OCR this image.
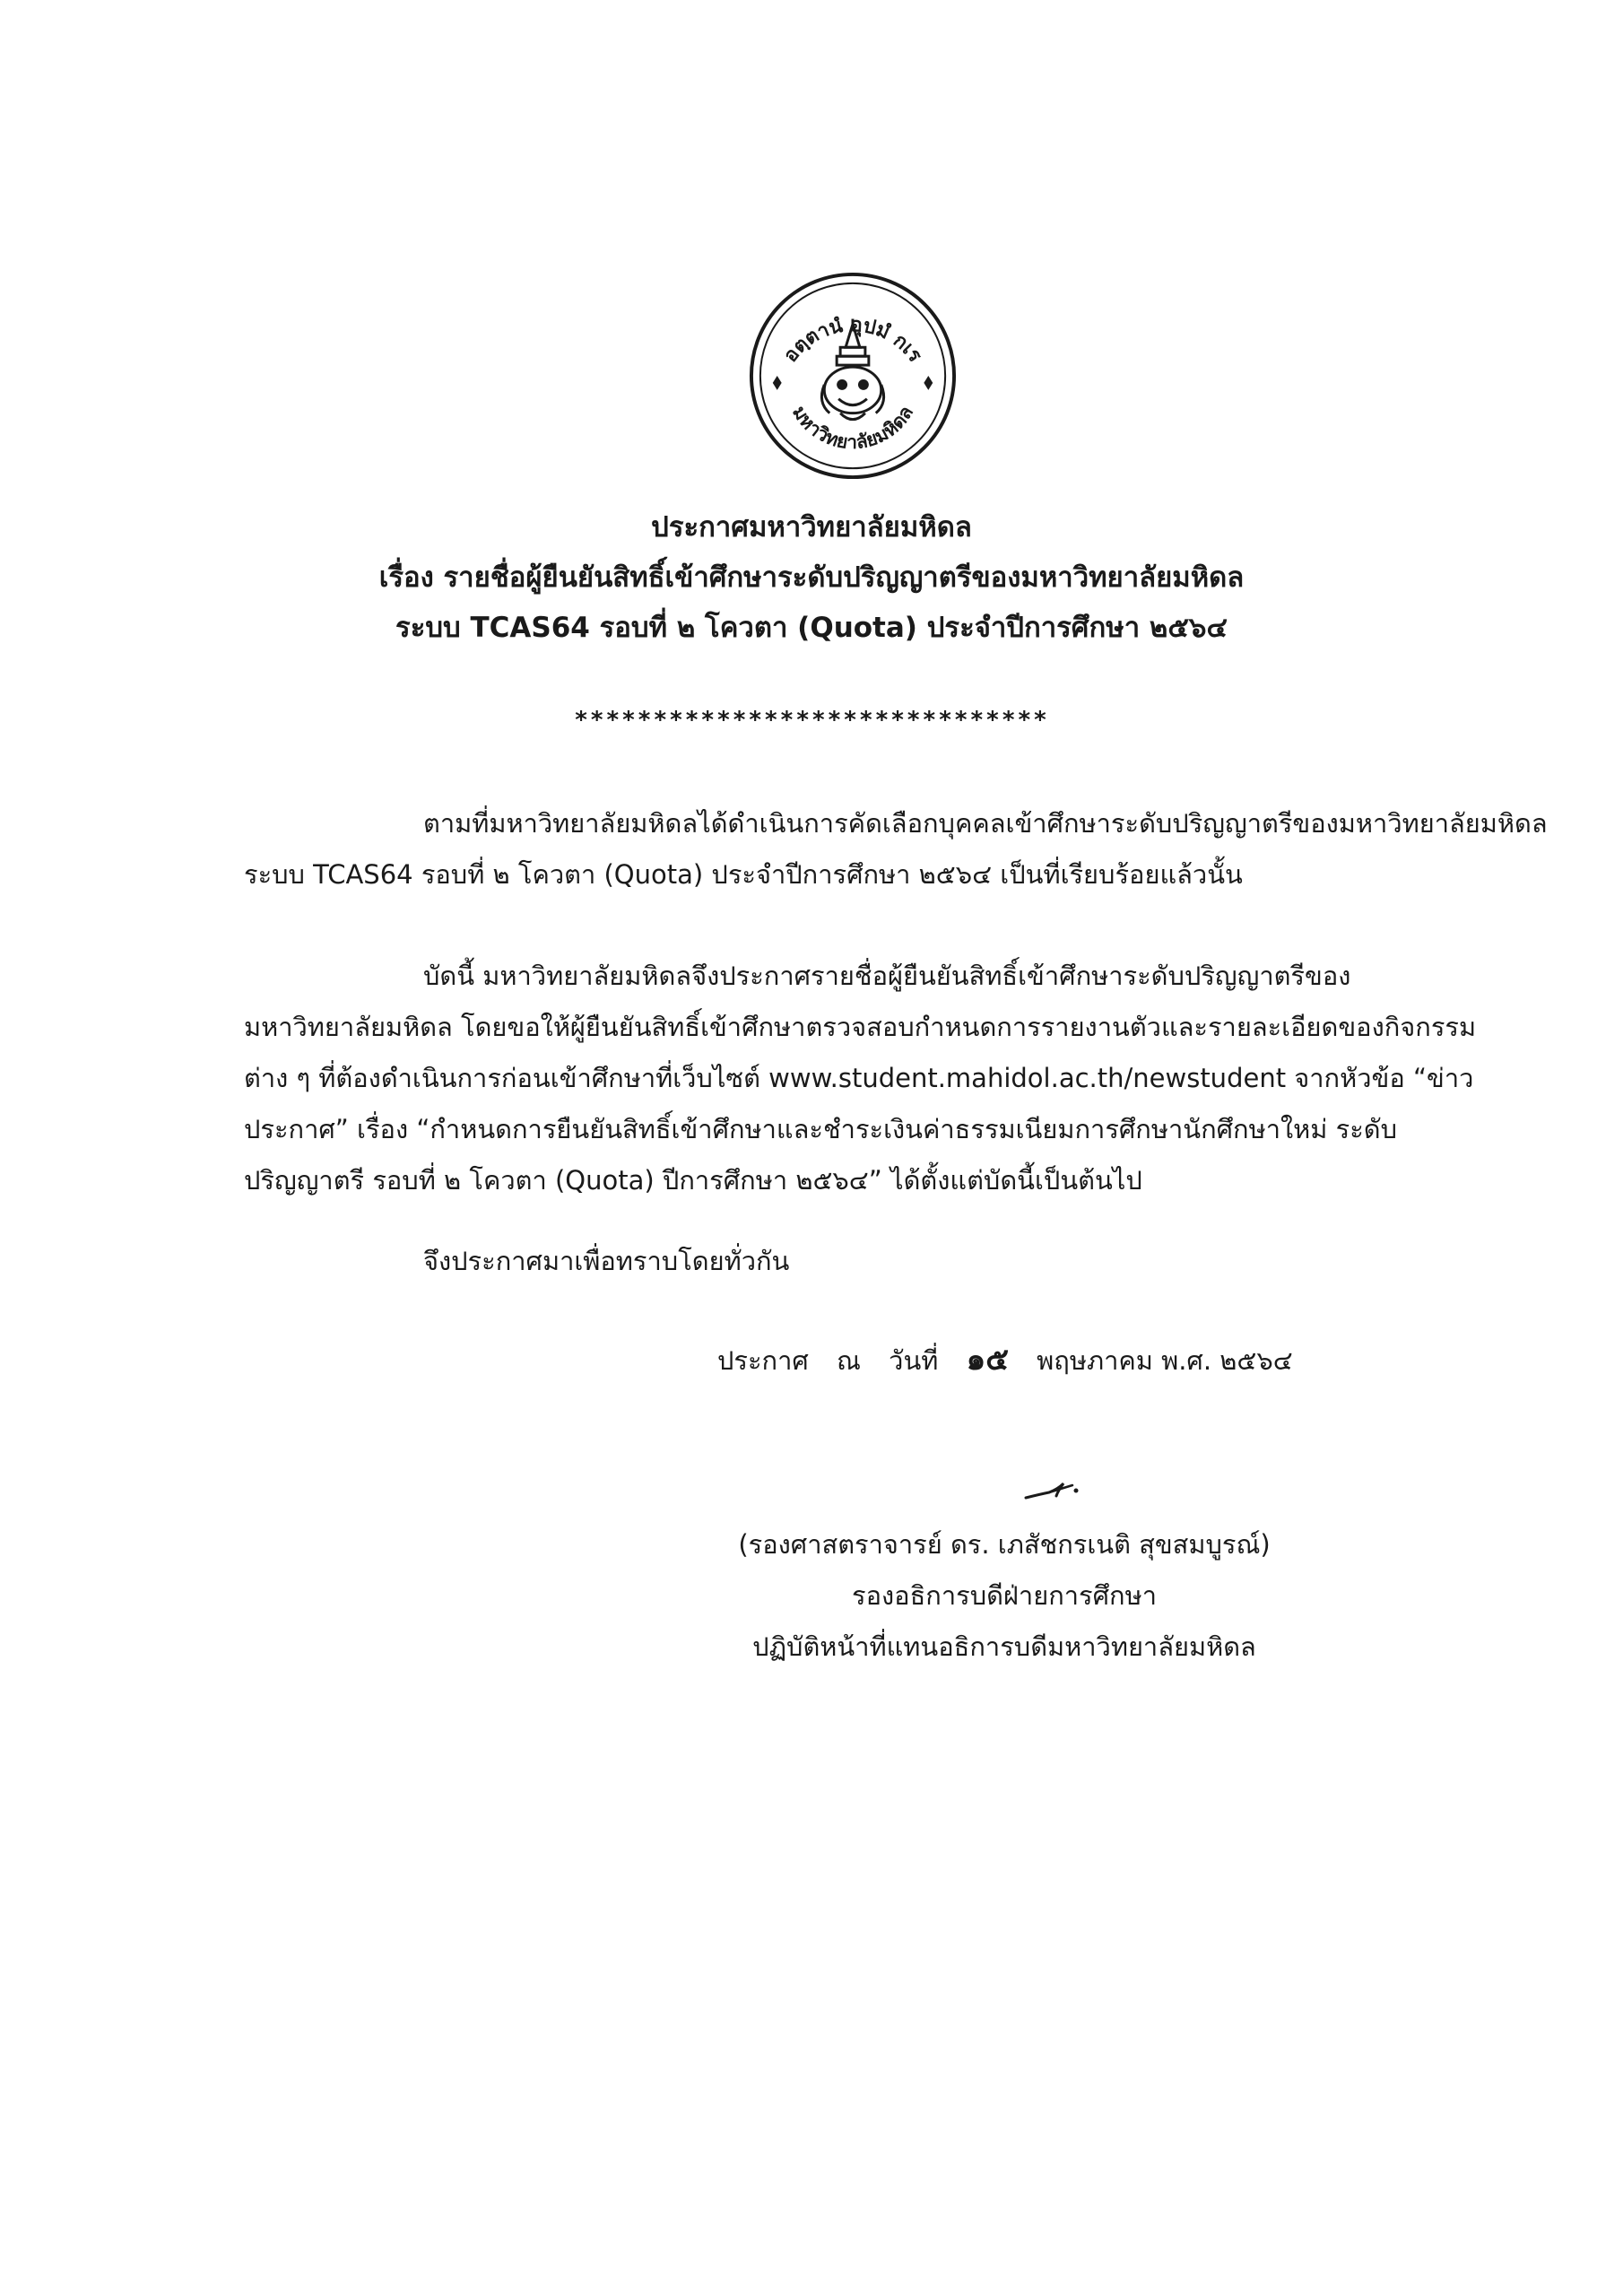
อตฺตานํ อุปมํ กเร
มหาวิทยาลัยมหิดล
ประกาศมหาวิทยาลัยมหิดล
เรื่อง รายชื่อผู้ยืนยันสิทธิ์เข้าศึกษาระดับปริญญาตรีของมหาวิทยาลัยมหิดล
ระบบ TCAS64 รอบที่ ๒ โควตา (Quota) ประจำปีการศึกษา ๒๕๖๔
******************************
ตามที่มหาวิทยาลัยมหิดลได้ดำเนินการคัดเลือกบุคคลเข้าศึกษาระดับปริญญาตรีของมหาวิทยาลัยมหิดล
ระบบ TCAS64 รอบที่ ๒ โควตา (Quota) ประจำปีการศึกษา ๒๕๖๔ เป็นที่เรียบร้อยแล้วนั้น
บัดนี้ มหาวิทยาลัยมหิดลจึงประกาศรายชื่อผู้ยืนยันสิทธิ์เข้าศึกษาระดับปริญญาตรีของ
มหาวิทยาลัยมหิดล โดยขอให้ผู้ยืนยันสิทธิ์เข้าศึกษาตรวจสอบกำหนดการรายงานตัวและรายละเอียดของกิจกรรม
ต่าง ๆ ที่ต้องดำเนินการก่อนเข้าศึกษาที่เว็บไซต์ www.student.mahidol.ac.th/newstudent จากหัวข้อ “ข่าว
ประกาศ” เรื่อง “กำหนดการยืนยันสิทธิ์เข้าศึกษาและชำระเงินค่าธรรมเนียมการศึกษานักศึกษาใหม่ ระดับ
ปริญญาตรี รอบที่ ๒ โควตา (Quota) ปีการศึกษา ๒๕๖๔” ได้ตั้งแต่บัดนี้เป็นต้นไป
จึงประกาศมาเพื่อทราบโดยทั่วกัน
ประกาศ ณ วันที่ ๑๕ พฤษภาคม พ.ศ. ๒๕๖๔
(รองศาสตราจารย์ ดร. เภสัชกรเนติ สุขสมบูรณ์)
รองอธิการบดีฝ่ายการศึกษา
ปฏิบัติหน้าที่แทนอธิการบดีมหาวิทยาลัยมหิดล
